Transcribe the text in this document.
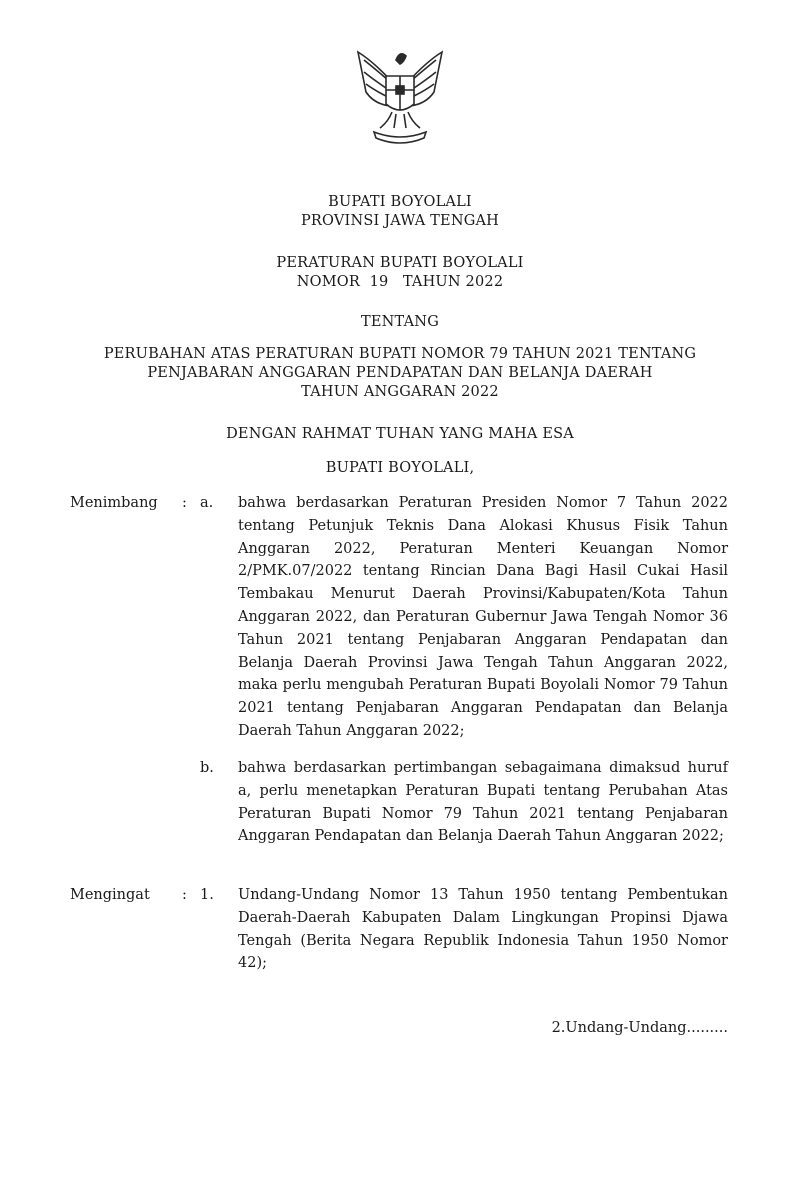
BUPATI BOYOLALI
PROVINSI JAWA TENGAH
PERATURAN BUPATI BOYOLALI
NOMOR  19   TAHUN 2022
TENTANG
PERUBAHAN ATAS PERATURAN BUPATI NOMOR 79 TAHUN 2021 TENTANG
PENJABARAN ANGGARAN PENDAPATAN DAN BELANJA DAERAH
TAHUN ANGGARAN 2022
DENGAN RAHMAT TUHAN YANG MAHA ESA
BUPATI BOYOLALI,
Menimbang : a. bahwa berdasarkan Peraturan Presiden Nomor 7 Tahun 2022 tentang Petunjuk Teknis Dana Alokasi Khusus Fisik Tahun Anggaran 2022, Peraturan Menteri Keuangan Nomor 2/PMK.07/2022 tentang Rincian Dana Bagi Hasil Cukai Hasil Tembakau Menurut Daerah Provinsi/Kabupaten/Kota Tahun Anggaran 2022, dan Peraturan Gubernur Jawa Tengah Nomor 36 Tahun 2021 tentang Penjabaran Anggaran Pendapatan dan Belanja Daerah Provinsi Jawa Tengah Tahun Anggaran 2022, maka perlu mengubah Peraturan Bupati Boyolali Nomor 79 Tahun 2021 tentang Penjabaran Anggaran Pendapatan dan Belanja Daerah Tahun Anggaran 2022;
b. bahwa berdasarkan pertimbangan sebagaimana dimaksud huruf a, perlu menetapkan Peraturan Bupati tentang Perubahan Atas Peraturan Bupati Nomor 79 Tahun 2021 tentang Penjabaran Anggaran Pendapatan dan Belanja Daerah Tahun Anggaran 2022;
Mengingat : 1. Undang-Undang Nomor 13 Tahun 1950 tentang Pembentukan Daerah-Daerah Kabupaten Dalam Lingkungan Propinsi Djawa Tengah (Berita Negara Republik Indonesia Tahun 1950 Nomor 42);
2.Undang-Undang.........
